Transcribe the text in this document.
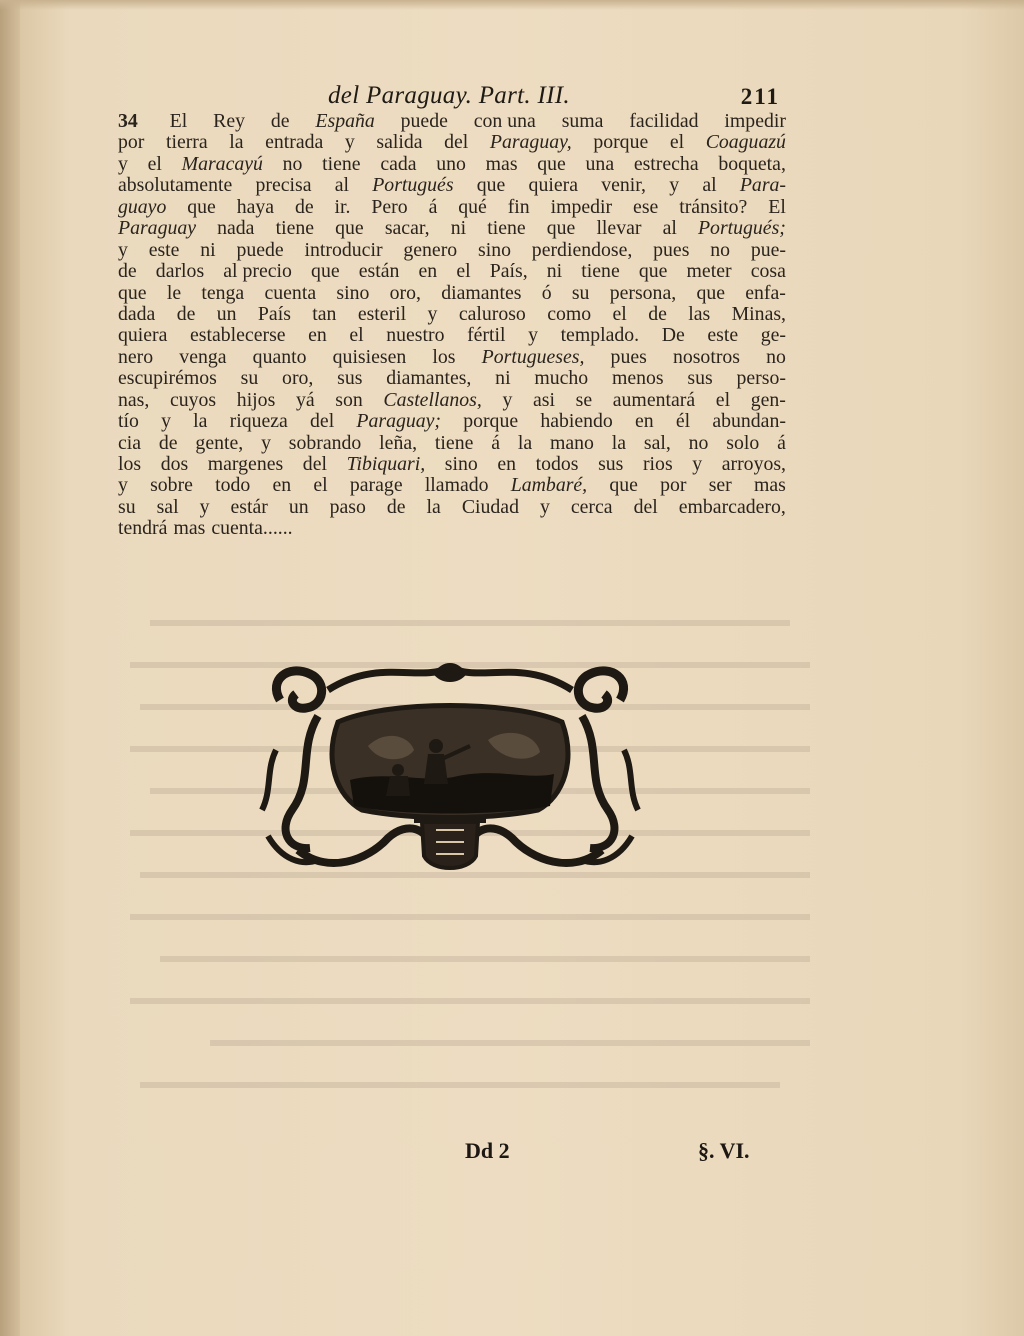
del Paraguay. Part. III.	211
34 El Rey de España puede con una suma facilidad impedir
por tierra la entrada y salida del Paraguay, porque el Coaguazú
y el Maracayú no tiene cada uno mas que una estrecha boqueta,
absolutamente precisa al Portugués que quiera venir, y al Para-
guayo que haya de ir. Pero á qué fin impedir ese tránsito? El
Paraguay nada tiene que sacar, ni tiene que llevar al Portugués;
y este ni puede introducir genero sino perdiendose, pues no pue-
de darlos al precio que están en el País, ni tiene que meter cosa
que le tenga cuenta sino oro, diamantes ó su persona, que enfa-
dada de un País tan esteril y caluroso como el de las Minas,
quiera establecerse en el nuestro fértil y templado. De este ge-
nero venga quanto quisiesen los Portugueses, pues nosotros no
escupirémos su oro, sus diamantes, ni mucho menos sus perso-
nas, cuyos hijos yá son Castellanos, y asi se aumentará el gen-
tío y la riqueza del Paraguay; porque habiendo en él abundan-
cia de gente, y sobrando leña, tiene á la mano la sal, no solo á
los dos margenes del Tibiquari, sino en todos sus rios y arroyos,
y sobre todo en el parage llamado Lambaré, que por ser mas
su sal y estár un paso de la Ciudad y cerca del embarcadero,
tendrá mas cuenta......
Dd 2	§. VI.
